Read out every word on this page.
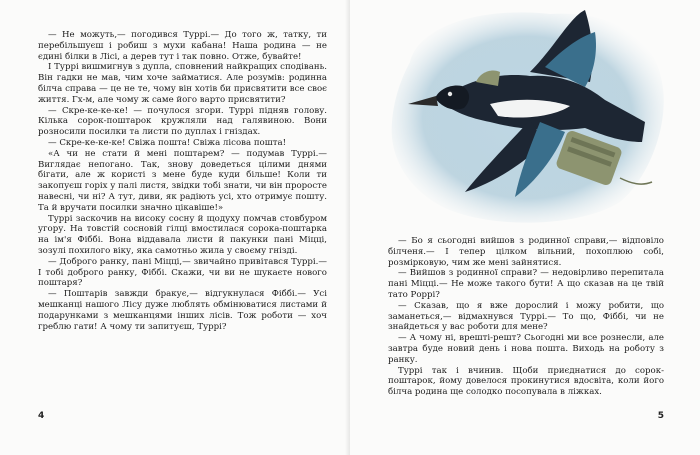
— Не можуть,— погодився Туррі.— До того ж, татку, ти перебільшуєш і робиш з мухи кабана! Наша родина — не єдині білки в Лісі, а дерев тут і так повно. Отже, бувайте!

І Туррі вишмигнув з дупла, сповнений найкращих сподівань. Він гадки не мав, чим хоче займатися. Але розумів: родинна білча справа — це не те, чому він хотів би присвятити все своє життя. Гх-м, але чому ж саме його варто присвятити?

— Скре-ке-ке-ке! — почулося згори. Туррі підняв голову. Кілька сорок-поштарок кружляли над галявиною. Вони розносили посилки та листи по дуплах і гніздах.

— Скре-ке-ке-ке! Свіжа пошта! Свіжа лісова пошта!

«А чи не стати й мені поштарем? — подумав Туррі.— Виглядає непогано. Так, знову доведеться цілими днями бігати, але ж користі з мене буде куди більше! Коли ти закопуєш горіх у палі листя, звідки тобі знати, чи він проросте навесні, чи ні? А тут, диви, як радіють усі, хто отримує пошту. Та й вручати посилки значно цікавіше!»

Туррі заскочив на високу сосну й щодуху помчав стовбуром угору. На товстій сосновій гілці вмостилася сорока-поштарка на ім'я Фіббі. Вона віддавала листи й пакунки пані Міцці, зозулі похилого віку, яка самотньо жила у своєму гнізді.

— Доброго ранку, пані Міцці,— звичайно привітався Туррі.— І тобі доброго ранку, Фіббі. Скажи, чи ви не шукаєте нового поштаря?

— Поштарів завжди бракує,— відгукнулася Фіббі.— Усі мешканці нашого Лісу дуже люблять обмінюватися листами й подарунками з мешканцями інших лісів. Тож роботи — хоч греблю гати! А чому ти запитуєш, Туррі?

4

— Бо я сьогодні вийшов з родинної справи,— відповіло білченя.— І тепер цілком вільний, похоплюю собі, розмірковую, чим же мені зайнятися.

— Вийшов з родинної справи? — недовірливо перепитала пані Міцці.— Не може такого бути! А що сказав на це твій тато Роррі?

— Сказав, що я вже дорослий і можу робити, що заманеться,— відмахнувся Туррі.— То що, Фіббі, чи не знайдеться у вас роботи для мене?

— А чому ні, врешті-решт? Сьогодні ми все рознесли, але завтра буде новий день і нова пошта. Виходь на роботу з ранку.

Туррі так і вчинив. Щоби приєднатися до сорок-поштарок, йому довелося прокинутися вдосвіта, коли його білча родина ще солодко посопувала в ліжках.

5
